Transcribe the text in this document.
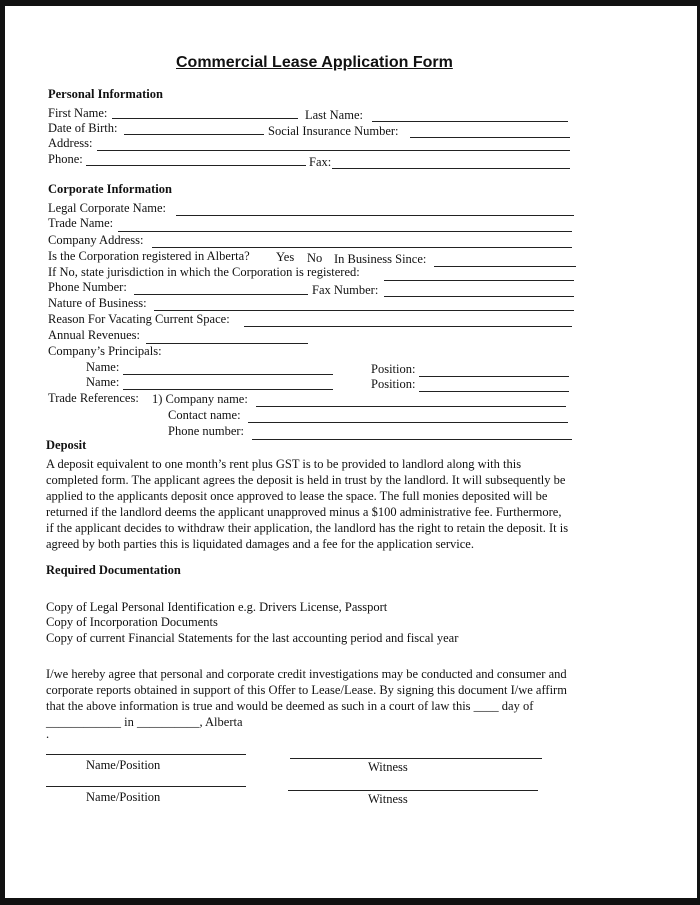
Commercial Lease Application Form
Personal Information
First Name:	Last Name:
Date of Birth:	Social Insurance Number:
Address:
Phone:	Fax:
Corporate Information
Legal Corporate Name:
Trade Name:
Company Address:
Is the Corporation registered in Alberta? Yes No In Business Since:
If No, state jurisdiction in which the Corporation is registered:
Phone Number:	Fax Number:
Nature of Business:
Reason For Vacating Current Space:
Annual Revenues:
Company’s Principals:
Name:	Position:
Name:	Position:
Trade References: 1) Company name:
Contact name:
Phone number:
Deposit
A deposit equivalent to one month’s rent plus GST is to be provided to landlord along with this
completed form. The applicant agrees the deposit is held in trust by the landlord. It will subsequently be
applied to the applicants deposit once approved to lease the space. The full monies deposited will be
returned if the landlord deems the applicant unapproved minus a $100 administrative fee. Furthermore,
if the applicant decides to withdraw their application, the landlord has the right to retain the deposit. It is
agreed by both parties this is liquidated damages and a fee for the application service.
Required Documentation
Copy of Legal Personal Identification e.g. Drivers License, Passport
Copy of Incorporation Documents
Copy of current Financial Statements for the last accounting period and fiscal year
I/we hereby agree that personal and corporate credit investigations may be conducted and consumer and
corporate reports obtained in support of this Offer to Lease/Lease. By signing this document I/we affirm
that the above information is true and would be deemed as such in a court of law this ____ day of
____________ in __________, Alberta
.
Name/Position	Witness
Name/Position	Witness
